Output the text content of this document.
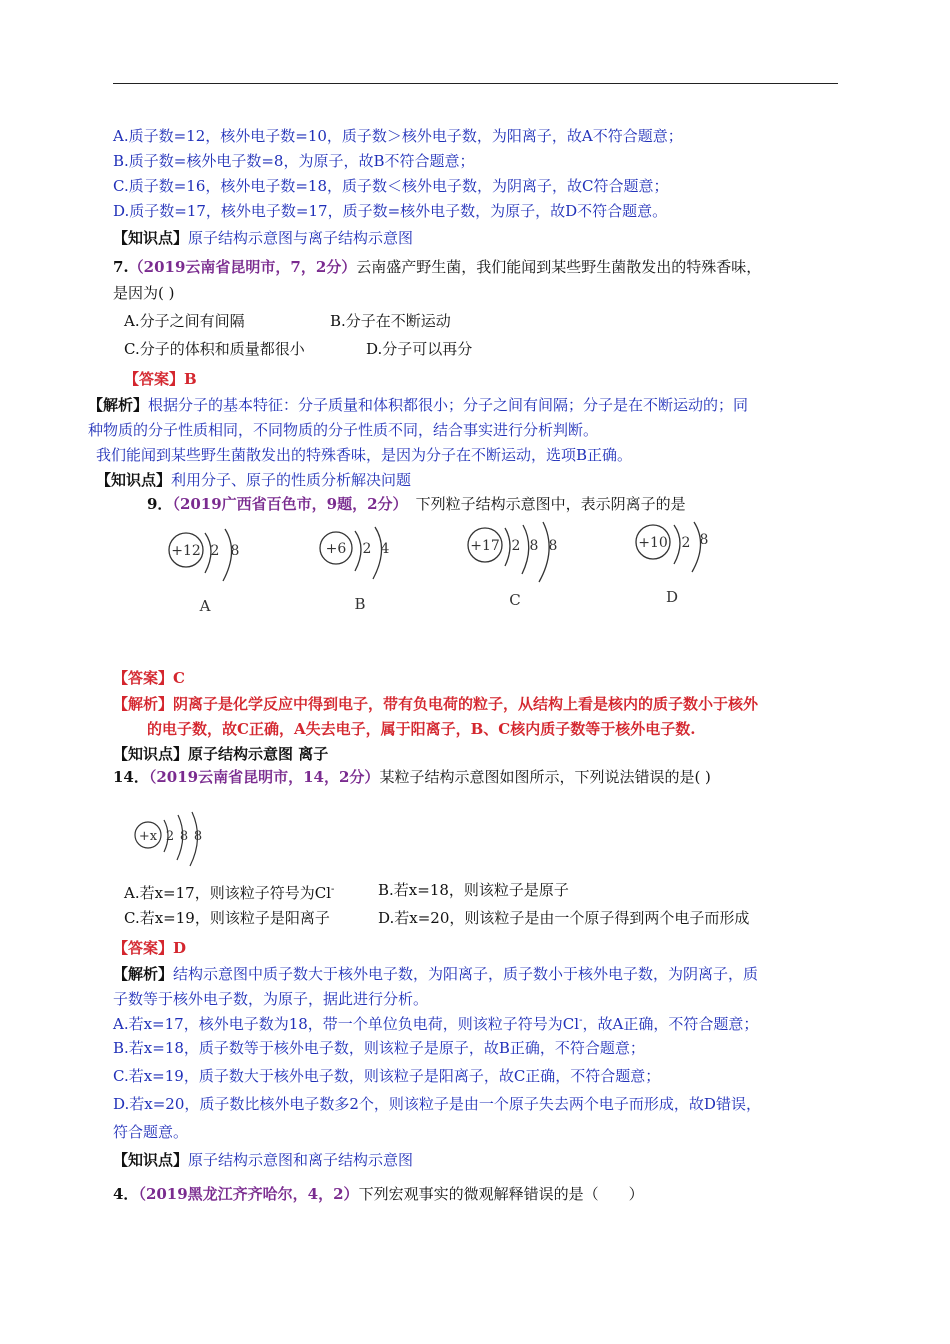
A.质子数=12，核外电子数=10，质子数＞核外电子数，为阳离子，故A不符合题意；
B.质子数=核外电子数=8，为原子，故B不符合题意；
C.质子数=16，核外电子数=18，质子数＜核外电子数，为阴离子，故C符合题意；
D.质子数=17，核外电子数=17，质子数=核外电子数，为原子，故D不符合题意。
【知识点】原子结构示意图与离子结构示意图
7.（2019云南省昆明市，7，2分）云南盛产野生菌，我们能闻到某些野生菌散发出的特殊香味，
是因为( )
A.分子之间有间隔	B.分子在不断运动
C.分子的体积和质量都很小	D.分子可以再分
【答案】B
【解析】根据分子的基本特征：分子质量和体积都很小；分子之间有间隔；分子是在不断运动的；同
种物质的分子性质相同，不同物质的分子性质不同，结合事实进行分析判断。
我们能闻到某些野生菌散发出的特殊香味，是因为分子在不断运动，选项B正确。
【知识点】利用分子、原子的性质分析解决问题
9．（2019广西省百色市，9题，2分） 下列粒子结构示意图中，表示阴离子的是
+12 2 8
A
+6 2 4
B
+17 2 8 8
C
+10 2 8
D
【答案】C
【解析】阴离子是化学反应中得到电子，带有负电荷的粒子，从结构上看是核内的质子数小于核外
的电子数，故C正确，A失去电子，属于阳离子，B、C核内质子数等于核外电子数.
【知识点】原子结构示意图 离子
14．（2019云南省昆明市，14，2分）某粒子结构示意图如图所示，下列说法错误的是( )
+x 2 8 8
A.若x=17，则该粒子符号为Cl-	B.若x=18，则该粒子是原子
C.若x=19，则该粒子是阳离子	D.若x=20，则该粒子是由一个原子得到两个电子而形成
【答案】D
【解析】结构示意图中质子数大于核外电子数，为阳离子，质子数小于核外电子数，为阴离子，质
子数等于核外电子数，为原子，据此进行分析。
A.若x=17，核外电子数为18，带一个单位负电荷，则该粒子符号为Cl-，故A正确，不符合题意；
B.若x=18，质子数等于核外电子数，则该粒子是原子，故B正确，不符合题意；
C.若x=19，质子数大于核外电子数，则该粒子是阳离子，故C正确，不符合题意；
D.若x=20，质子数比核外电子数多2个，则该粒子是由一个原子失去两个电子而形成，故D错误，
符合题意。
【知识点】原子结构示意图和离子结构示意图
4．（2019黑龙江齐齐哈尔，4，2）下列宏观事实的微观解释错误的是（　　）
